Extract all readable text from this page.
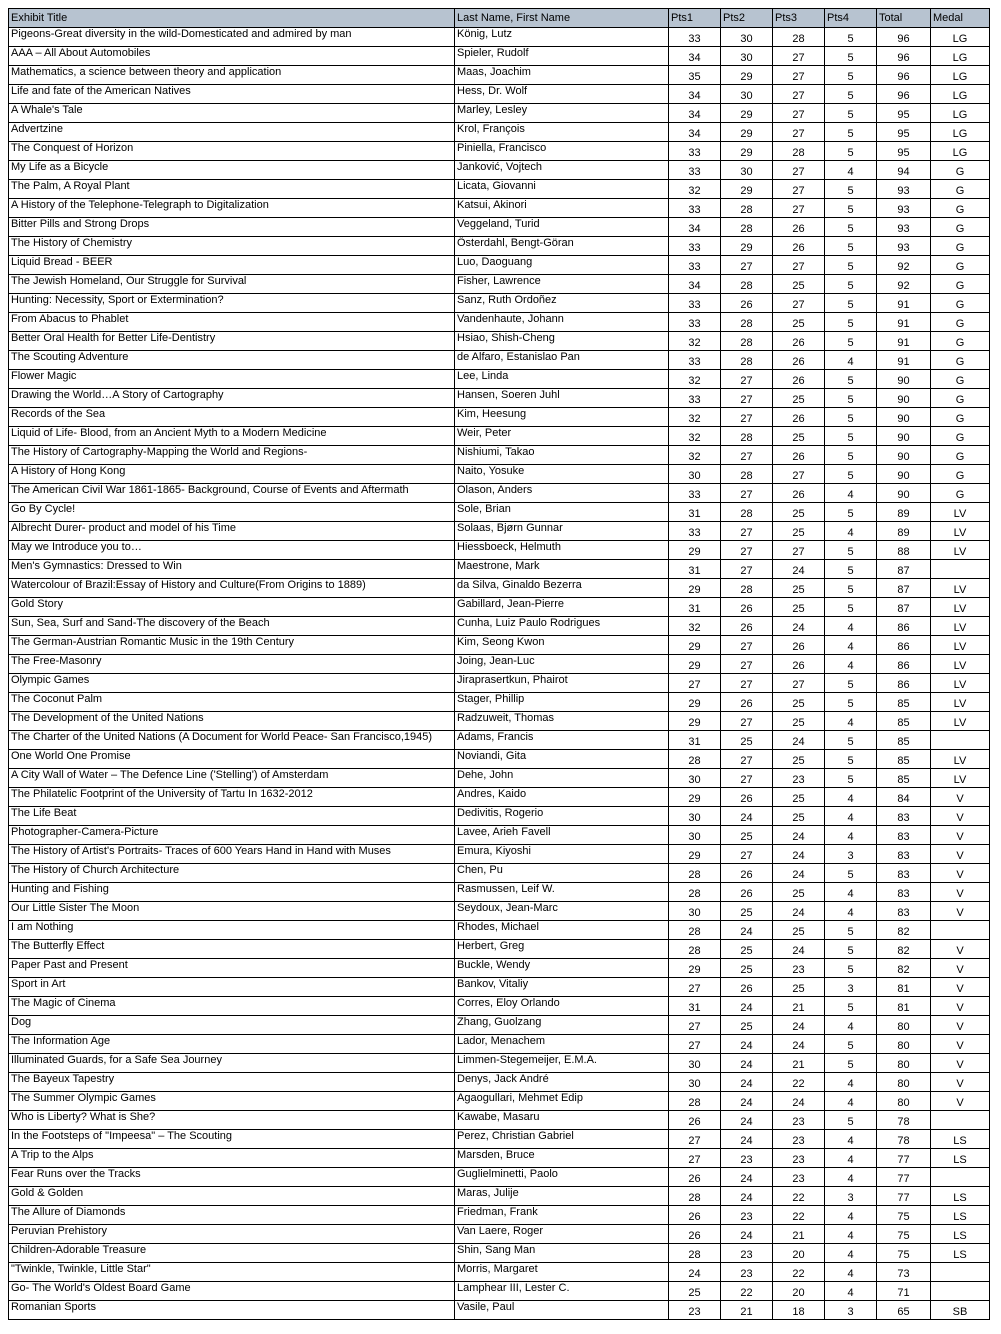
Exhibit Title	Last Name, First Name	Pts1	Pts2	Pts3	Pts4	Total	Medal
Pigeons-Great diversity in the wild-Domesticated and admired by man	König, Lutz	33	30	28	5	96	LG
AAA – All About Automobiles	Spieler, Rudolf	34	30	27	5	96	LG
Mathematics, a science between theory and application	Maas, Joachim	35	29	27	5	96	LG
Life and fate of the American Natives	Hess, Dr. Wolf	34	30	27	5	96	LG
A Whale's Tale	Marley, Lesley	34	29	27	5	95	LG
Advertzine	Krol, François	34	29	27	5	95	LG
The Conquest of Horizon	Piniella, Francisco	33	29	28	5	95	LG
My Life as a Bicycle	Janković, Vojtech	33	30	27	4	94	G
The Palm, A Royal Plant	Licata, Giovanni	32	29	27	5	93	G
A History of the Telephone-Telegraph to Digitalization	Katsui, Akinori	33	28	27	5	93	G
Bitter Pills and Strong Drops	Veggeland, Turid	34	28	26	5	93	G
The History of Chemistry	Österdahl, Bengt-Göran	33	29	26	5	93	G
Liquid Bread - BEER	Luo, Daoguang	33	27	27	5	92	G
The Jewish Homeland, Our Struggle for Survival	Fisher, Lawrence	34	28	25	5	92	G
Hunting: Necessity, Sport or Extermination?	Sanz, Ruth Ordoñez	33	26	27	5	91	G
From Abacus to Phablet	Vandenhaute, Johann	33	28	25	5	91	G
Better Oral Health for Better Life-Dentistry	Hsiao, Shish-Cheng	32	28	26	5	91	G
The Scouting Adventure	de Alfaro, Estanislao Pan	33	28	26	4	91	G
Flower Magic	Lee, Linda	32	27	26	5	90	G
Drawing the World…A Story of Cartography	Hansen, Soeren Juhl	33	27	25	5	90	G
Records of the Sea	Kim, Heesung	32	27	26	5	90	G
Liquid of Life- Blood, from an Ancient Myth to a Modern Medicine	Weir, Peter	32	28	25	5	90	G
The History of Cartography-Mapping the World and Regions-	Nishiumi, Takao	32	27	26	5	90	G
A History of Hong Kong	Naito, Yosuke	30	28	27	5	90	G
The American Civil War 1861-1865- Background, Course of Events and Aftermath	Olason, Anders	33	27	26	4	90	G
Go By Cycle!	Sole, Brian	31	28	25	5	89	LV
Albrecht Durer- product and model of his Time	Solaas, Bjørn Gunnar	33	27	25	4	89	LV
May we Introduce you to…	Hiessboeck, Helmuth	29	27	27	5	88	LV
Men's Gymnastics: Dressed to Win	Maestrone, Mark	31	27	24	5	87	
Watercolour of Brazil:Essay of History and Culture(From Origins to 1889)	da Silva, Ginaldo Bezerra	29	28	25	5	87	LV
Gold Story	Gabillard, Jean-Pierre	31	26	25	5	87	LV
Sun, Sea, Surf and Sand-The discovery of the Beach	Cunha, Luiz Paulo Rodrigues	32	26	24	4	86	LV
The German-Austrian Romantic Music in the 19th Century	Kim, Seong Kwon	29	27	26	4	86	LV
The Free-Masonry	Joing, Jean-Luc	29	27	26	4	86	LV
Olympic Games	Jiraprasertkun, Phairot	27	27	27	5	86	LV
The Coconut Palm	Stager, Phillip	29	26	25	5	85	LV
The Development of the United Nations	Radzuweit, Thomas	29	27	25	4	85	LV
The Charter of the United Nations (A Document for World Peace- San Francisco,1945)	Adams, Francis	31	25	24	5	85	
One World One Promise	Noviandi, Gita	28	27	25	5	85	LV
A City Wall of Water – The Defence Line ('Stelling') of Amsterdam	Dehe, John	30	27	23	5	85	LV
The Philatelic Footprint of the University of Tartu In 1632-2012	Andres, Kaido	29	26	25	4	84	V
The Life Beat	Dedivitis, Rogerio	30	24	25	4	83	V
Photographer-Camera-Picture	Lavee, Arieh Favell	30	25	24	4	83	V
The History of Artist's Portraits- Traces of 600 Years Hand in Hand with Muses	Emura, Kiyoshi	29	27	24	3	83	V
The History of Church Architecture	Chen, Pu	28	26	24	5	83	V
Hunting and Fishing	Rasmussen, Leif W.	28	26	25	4	83	V
Our Little Sister The Moon	Seydoux, Jean-Marc	30	25	24	4	83	V
I am Nothing	Rhodes, Michael	28	24	25	5	82	
The Butterfly Effect	Herbert, Greg	28	25	24	5	82	V
Paper Past and Present	Buckle, Wendy	29	25	23	5	82	V
Sport in Art	Bankov, Vitaliy	27	26	25	3	81	V
The Magic of Cinema	Corres, Eloy Orlando	31	24	21	5	81	V
Dog	Zhang, Guolzang	27	25	24	4	80	V
The Information Age	Lador, Menachem	27	24	24	5	80	V
Illuminated Guards, for a Safe Sea Journey	Limmen-Stegemeijer, E.M.A.	30	24	21	5	80	V
The Bayeux Tapestry	Denys, Jack André	30	24	22	4	80	V
The Summer Olympic Games	Agaogullari, Mehmet Edip	28	24	24	4	80	V
Who is Liberty? What is She?	Kawabe, Masaru	26	24	23	5	78	
In the Footsteps of "Impeesa" – The Scouting	Perez, Christian Gabriel	27	24	23	4	78	LS
A Trip to the Alps	Marsden, Bruce	27	23	23	4	77	LS
Fear Runs over the Tracks	Guglielminetti, Paolo	26	24	23	4	77	
Gold & Golden	Maras, Julije	28	24	22	3	77	LS
The Allure of Diamonds	Friedman, Frank	26	23	22	4	75	LS
Peruvian Prehistory	Van Laere, Roger	26	24	21	4	75	LS
Children-Adorable Treasure	Shin, Sang Man	28	23	20	4	75	LS
"Twinkle, Twinkle, Little Star"	Morris, Margaret	24	23	22	4	73	
Go- The World's Oldest Board Game	Lamphear III, Lester C.	25	22	20	4	71	
Romanian Sports	Vasile, Paul	23	21	18	3	65	SB
